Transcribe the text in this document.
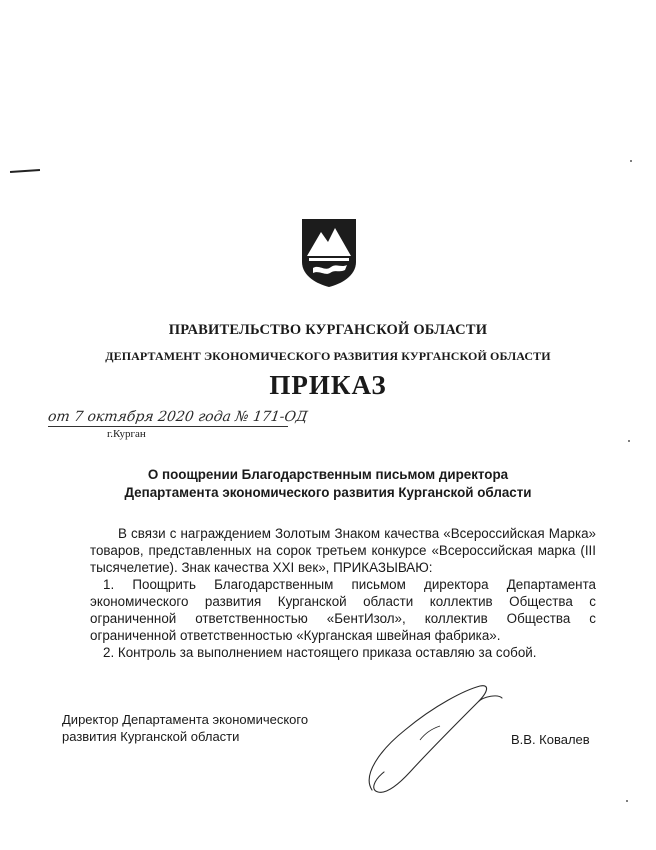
ПРАВИТЕЛЬСТВО КУРГАНСКОЙ ОБЛАСТИ
ДЕПАРТАМЕНТ ЭКОНОМИЧЕСКОГО РАЗВИТИЯ КУРГАНСКОЙ ОБЛАСТИ
ПРИКАЗ
от 7 октября 2020 года № 171-ОД
г.Курган
О поощрении Благодарственным письмом директора
Департамента экономического развития Курганской области

В связи с награждением Золотым Знаком качества «Всероссийская Марка» товаров, представленных на сорок третьем конкурсе «Всероссийская марка (III тысячелетие). Знак качества XXI век», ПРИКАЗЫВАЮ:

1. Поощрить Благодарственным письмом директора Департамента экономического развития Курганской области коллектив Общества с ограниченной ответственностью «БентИзол», коллектив Общества с ограниченной ответственностью «Курганская швейная фабрика».

2. Контроль за выполнением настоящего приказа оставляю за собой.

Директор Департамента экономического
развития Курганской области	В.В. Ковалев
